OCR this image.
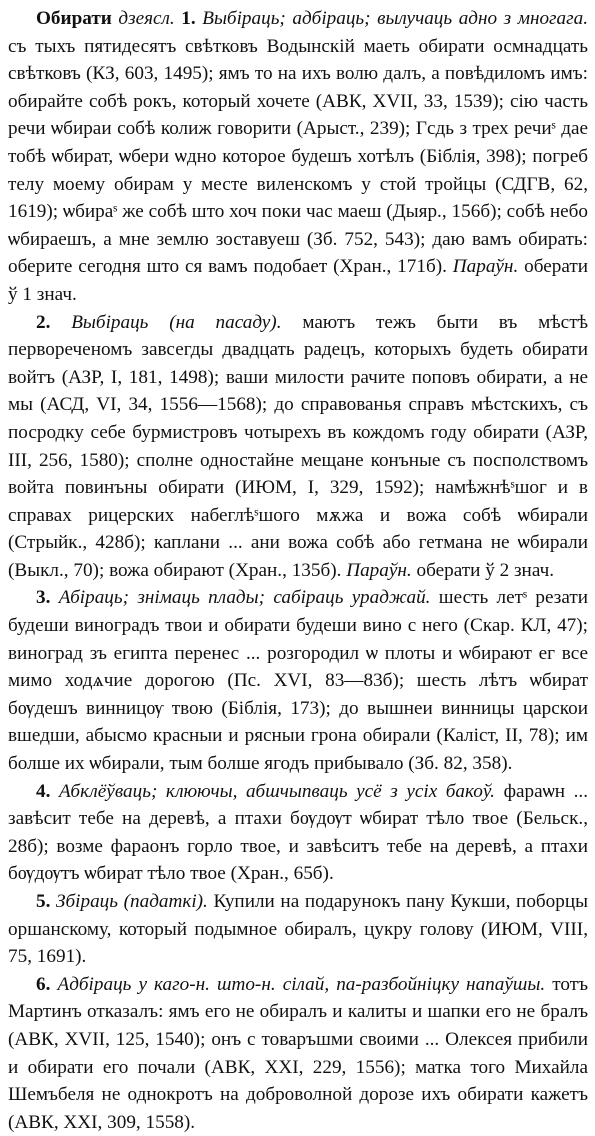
Обирати дзеясл. 1. Выбіраць; адбіраць; вылучаць адно з многага. съ тыхъ пятидесятъ свѣтковъ Водынскій маеть обирати осмнадцать свѣтковъ (КЗ, 603, 1495); ямъ то на ихъ волю далъ, а повѣдиломъ имъ: обирайте собѣ рокъ, который хочете (АВК, XVII, 33, 1539); сію часть речи ѡбираи собѣ колиж говорити (Арыст., 239); Гсдь з трех речиˢ дае тобѣ ѡбират, ѡбери ѡдно которое будешъ хотѣлъ (Біблія, 398); погреб телу моему обирам у месте виленскомъ у стой тройцы (СДГВ, 62, 1619); ѡбираˢ же собѣ што хоч поки час маеш (Дыяр., 156б); собѣ небо ѡбираешъ, а мне землю зоставуеш (Зб. 752, 543); даю вамъ обирать: оберите сегодня што ся вамъ подобает (Хран., 171б). Параўн. оберати ў 1 знач.

2. Выбіраць (на пасаду). маютъ тежъ быти въ мѣстѣ первореченомъ завсегды двадцать радецъ, которыхъ будеть обирати войтъ (АЗР, I, 181, 1498); ваши милости рачите поповъ обирати, а не мы (АСД, VI, 34, 1556—1568); до справованья справъ мѣстскихъ, съ посродку себе бурмистровъ чотырехъ въ кождомъ году обирати (АЗР, III, 256, 1580); сполне одностайне мещане конъные съ посполствомъ войта повинъны обирати (ИЮМ, I, 329, 1592); намѣжнѣˢшог и в справах рицерских набеглѣˢшого мѫжа и вожа собѣ ѡбирали (Стрыйк., 428б); каплани ... ани вожа собѣ або гетмана не ѡбирали (Выкл., 70); вожа обирают (Хран., 135б). Параўн. оберати ў 2 знач.

3. Абіраць; знімаць плады; сабіраць ураджай. шесть летˢ резати будеши виноградъ твои и обирати будеши вино с него (Скар. КЛ, 47); виноград зъ египта перенес ... розгородил ѡ плоты и ѡбирают ег все мимо ходѧчие дорогою (Пс. XVI, 83—83б); шесть лѣтъ ѡбират бѹдешъ винницѹ твою (Біблія, 173); до вышнеи винницы царскои вшедши, абысмо красныи и рясныи грона обирали (Каліст, II, 78); им болше их ѡбирали, тым болше ягодъ прибывало (Зб. 82, 358).

4. Абклёўваць; клюючы, абшчыпваць усё з усіх бакоў. фараѡн ... завѣсит тебе на деревѣ, а птахи бѹдѹт ѡбират тѣло твое (Бельск., 28б); возме фараонъ горло твое, и завѣситъ тебе на деревѣ, а птахи бѹдѹтъ ѡбират тѣло твое (Хран., 65б).

5. Збіраць (падаткі). Купили на подарунокъ пану Кукши, поборцы оршанскому, который подымное обиралъ, цукру голову (ИЮМ, VIII, 75, 1691).

6. Адбіраць у каго-н. што-н. сілай, па-разбойніцку напаўшы. тотъ Мартинъ отказалъ: ямъ его не обиралъ и калиты и шапки его не бралъ (АВК, XVII, 125, 1540); онъ с товаръшми своими ... Олексея прибили и обирати его почали (АВК, XXI, 229, 1556); матка того Михайла Шемъбеля не однокротъ на доброволной дорозе ихъ обирати кажетъ (АВК, XXI, 309, 1558).
